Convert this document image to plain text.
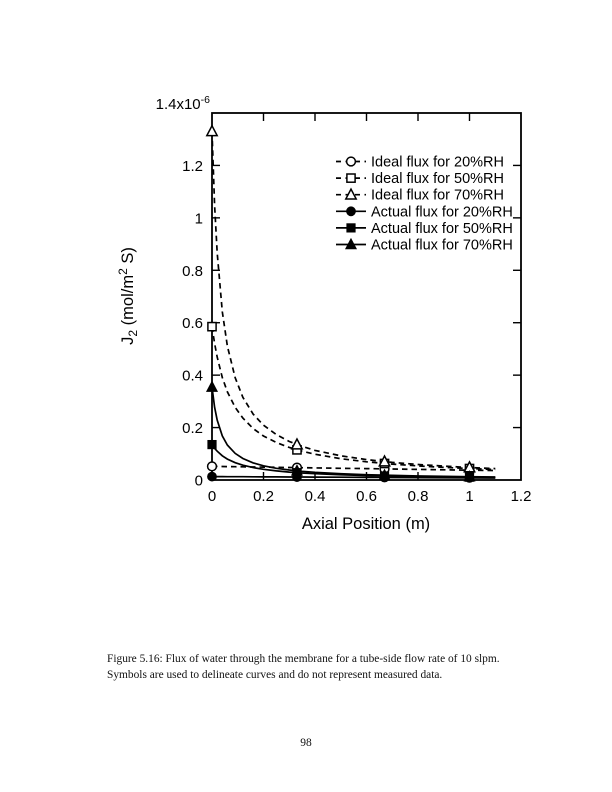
0 0.2 0.4 0.6 0.8 1 1.2
0
0.2
0.4
0.6
0.8
1
1.2	Ideal flux for 20%RH
Ideal flux for 50%RH
Ideal flux for 70%RH
Actual flux for 20%RH
Actual flux for 50%RH
Actual flux for 70%RH
$1.4x10^{-6}$
Axial Position (m)
$J_2$ ($mol/m^2$ S)
Figure 5.16: Flux of water through the membrane for a tube-side flow rate of 10 slpm.
Symbols are used to delineate curves and do not represent measured data.
98
